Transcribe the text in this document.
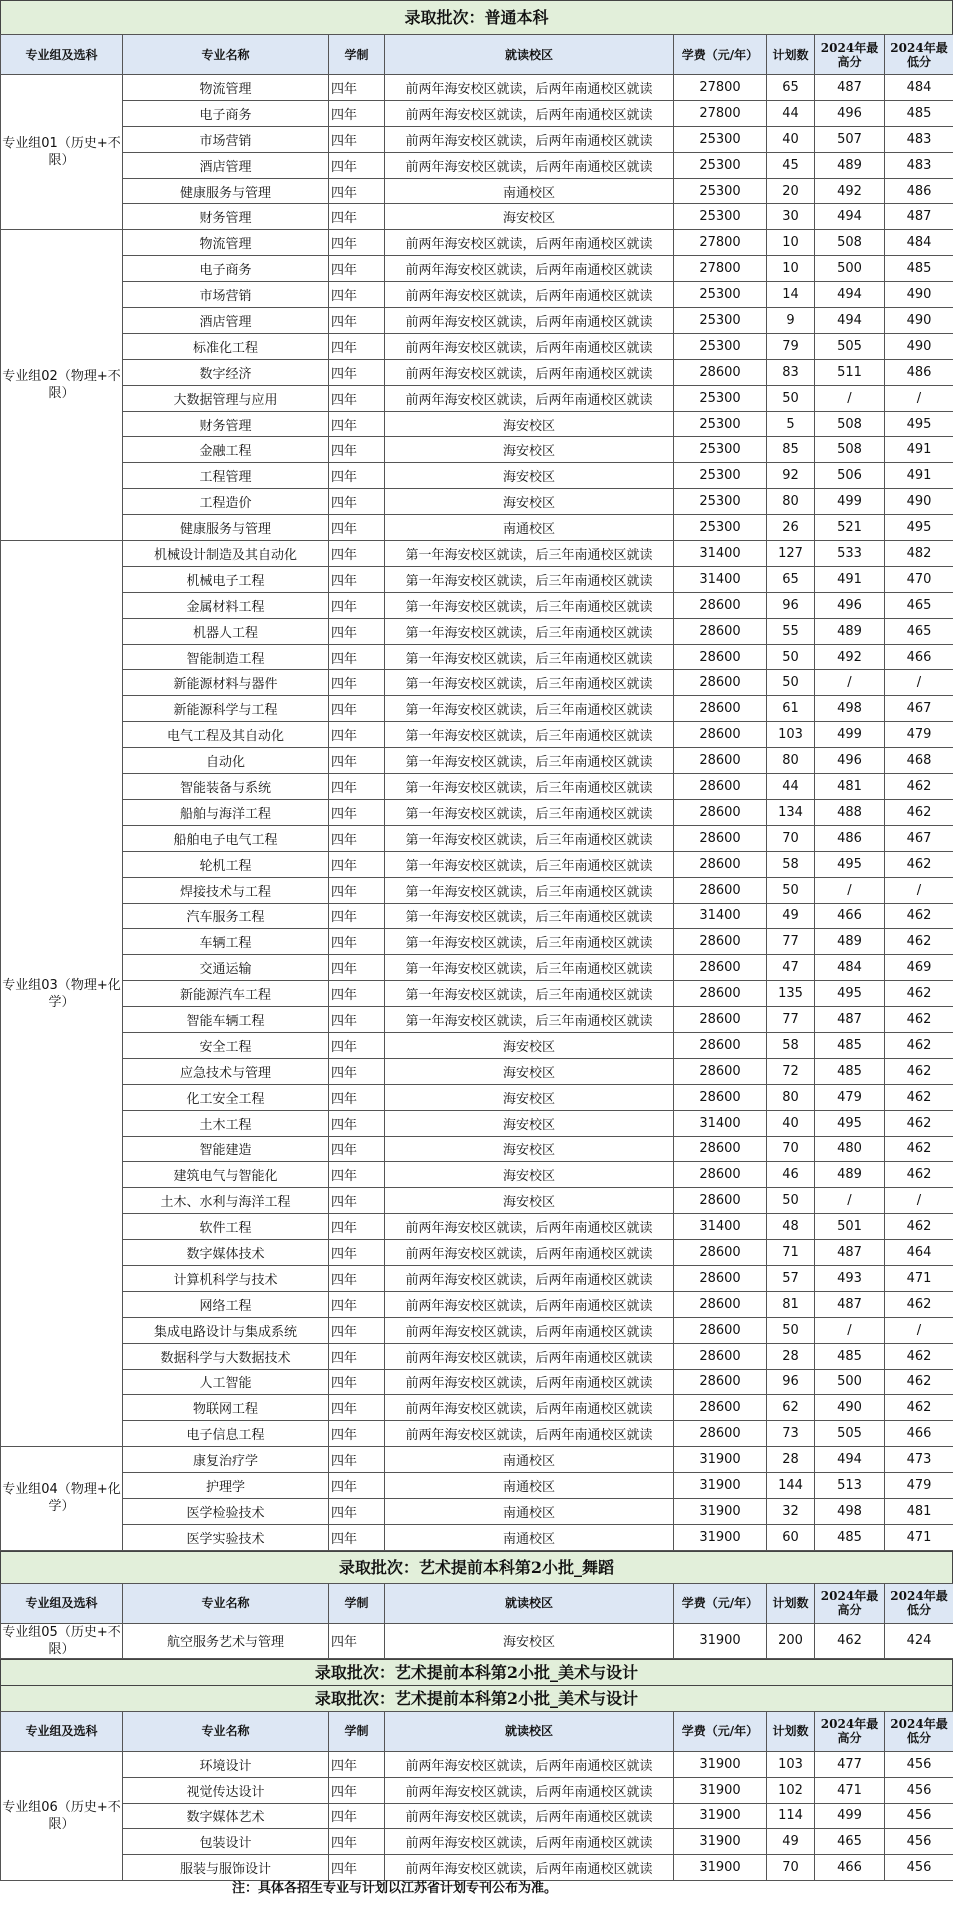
录取批次：普通本科
专业组及选科	专业名称	学制	就读校区	学费（元/年）	计划数	2024年最高分	2024年最低分
专业组01（历史+不限）	物流管理	四年	前两年海安校区就读，后两年南通校区就读	27800	65	487	484
	电子商务	四年	前两年海安校区就读，后两年南通校区就读	27800	44	496	485
	市场营销	四年	前两年海安校区就读，后两年南通校区就读	25300	40	507	483
	酒店管理	四年	前两年海安校区就读，后两年南通校区就读	25300	45	489	483
	健康服务与管理	四年	南通校区	25300	20	492	486
	财务管理	四年	海安校区	25300	30	494	487
专业组02（物理+不限）	物流管理	四年	前两年海安校区就读，后两年南通校区就读	27800	10	508	484
	电子商务	四年	前两年海安校区就读，后两年南通校区就读	27800	10	500	485
	市场营销	四年	前两年海安校区就读，后两年南通校区就读	25300	14	494	490
	酒店管理	四年	前两年海安校区就读，后两年南通校区就读	25300	9	494	490
	标准化工程	四年	前两年海安校区就读，后两年南通校区就读	25300	79	505	490
	数字经济	四年	前两年海安校区就读，后两年南通校区就读	28600	83	511	486
	大数据管理与应用	四年	前两年海安校区就读，后两年南通校区就读	25300	50	/	/
	财务管理	四年	海安校区	25300	5	508	495
	金融工程	四年	海安校区	25300	85	508	491
	工程管理	四年	海安校区	25300	92	506	491
	工程造价	四年	海安校区	25300	80	499	490
	健康服务与管理	四年	南通校区	25300	26	521	495
专业组03（物理+化学）	机械设计制造及其自动化	四年	第一年海安校区就读，后三年南通校区就读	31400	127	533	482
	机械电子工程	四年	第一年海安校区就读，后三年南通校区就读	31400	65	491	470
	金属材料工程	四年	第一年海安校区就读，后三年南通校区就读	28600	96	496	465
	机器人工程	四年	第一年海安校区就读，后三年南通校区就读	28600	55	489	465
	智能制造工程	四年	第一年海安校区就读，后三年南通校区就读	28600	50	492	466
	新能源材料与器件	四年	第一年海安校区就读，后三年南通校区就读	28600	50	/	/
	新能源科学与工程	四年	第一年海安校区就读，后三年南通校区就读	28600	61	498	467
	电气工程及其自动化	四年	第一年海安校区就读，后三年南通校区就读	28600	103	499	479
	自动化	四年	第一年海安校区就读，后三年南通校区就读	28600	80	496	468
	智能装备与系统	四年	第一年海安校区就读，后三年南通校区就读	28600	44	481	462
	船舶与海洋工程	四年	第一年海安校区就读，后三年南通校区就读	28600	134	488	462
	船舶电子电气工程	四年	第一年海安校区就读，后三年南通校区就读	28600	70	486	467
	轮机工程	四年	第一年海安校区就读，后三年南通校区就读	28600	58	495	462
	焊接技术与工程	四年	第一年海安校区就读，后三年南通校区就读	28600	50	/	/
	汽车服务工程	四年	第一年海安校区就读，后三年南通校区就读	31400	49	466	462
	车辆工程	四年	第一年海安校区就读，后三年南通校区就读	28600	77	489	462
	交通运输	四年	第一年海安校区就读，后三年南通校区就读	28600	47	484	469
	新能源汽车工程	四年	第一年海安校区就读，后三年南通校区就读	28600	135	495	462
	智能车辆工程	四年	第一年海安校区就读，后三年南通校区就读	28600	77	487	462
	安全工程	四年	海安校区	28600	58	485	462
	应急技术与管理	四年	海安校区	28600	72	485	462
	化工安全工程	四年	海安校区	28600	80	479	462
	土木工程	四年	海安校区	31400	40	495	462
	智能建造	四年	海安校区	28600	70	480	462
	建筑电气与智能化	四年	海安校区	28600	46	489	462
	土木、水利与海洋工程	四年	海安校区	28600	50	/	/
	软件工程	四年	前两年海安校区就读，后两年南通校区就读	31400	48	501	462
	数字媒体技术	四年	前两年海安校区就读，后两年南通校区就读	28600	71	487	464
	计算机科学与技术	四年	前两年海安校区就读，后两年南通校区就读	28600	57	493	471
	网络工程	四年	前两年海安校区就读，后两年南通校区就读	28600	81	487	462
	集成电路设计与集成系统	四年	前两年海安校区就读，后两年南通校区就读	28600	50	/	/
	数据科学与大数据技术	四年	前两年海安校区就读，后两年南通校区就读	28600	28	485	462
	人工智能	四年	前两年海安校区就读，后两年南通校区就读	28600	96	500	462
	物联网工程	四年	前两年海安校区就读，后两年南通校区就读	28600	62	490	462
	电子信息工程	四年	前两年海安校区就读，后两年南通校区就读	28600	73	505	466
专业组04（物理+化学）	康复治疗学	四年	南通校区	31900	28	494	473
	护理学	四年	南通校区	31900	144	513	479
	医学检验技术	四年	南通校区	31900	32	498	481
	医学实验技术	四年	南通校区	31900	60	485	471
录取批次：艺术提前本科第2小批_舞蹈
专业组及选科	专业名称	学制	就读校区	学费（元/年）	计划数	2024年最高分	2024年最低分
专业组05（历史+不限）	航空服务艺术与管理	四年	海安校区	31900	200	462	424
录取批次：艺术提前本科第2小批_美术与设计
录取批次：艺术提前本科第2小批_美术与设计
专业组及选科	专业名称	学制	就读校区	学费（元/年）	计划数	2024年最高分	2024年最低分
专业组06（历史+不限）	环境设计	四年	前两年海安校区就读，后两年南通校区就读	31900	103	477	456
	视觉传达设计	四年	前两年海安校区就读，后两年南通校区就读	31900	102	471	456
	数字媒体艺术	四年	前两年海安校区就读，后两年南通校区就读	31900	114	499	456
	包装设计	四年	前两年海安校区就读，后两年南通校区就读	31900	49	465	456
	服装与服饰设计	四年	前两年海安校区就读，后两年南通校区就读	31900	70	466	456
注：具体各招生专业与计划以江苏省计划专刊公布为准。
